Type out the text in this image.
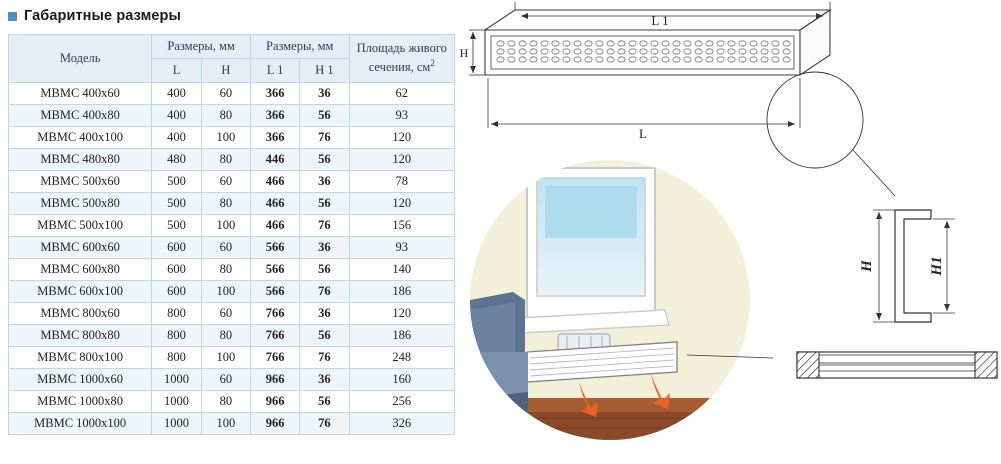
Габаритные размеры
Модель	Размеры, мм		Размеры, мм		Площадь живого сечения, $см^2$
	L	H	L 1	H 1	
МВМС 400х60	400	60	366	36	62
МВМС 400х80	400	80	366	56	93
МВМС 400х100	400	100	366	76	120
МВМС 480х80	480	80	446	56	120
МВМС 500х60	500	60	466	36	78
МВМС 500х80	500	80	466	56	120
МВМС 500х100	500	100	466	76	156
МВМС 600х60	600	60	566	36	93
МВМС 600х80	600	80	566	56	140
МВМС 600х100	600	100	566	76	186
МВМС 800х60	800	60	766	36	120
МВМС 800х80	800	80	766	56	186
МВМС 800х100	800	100	766	76	248
МВМС 1000х60	1000	60	966	36	160
МВМС 1000х80	1000	80	966	56	256
МВМС 1000х100	1000	100	966	76	326
L 1
L
H
H	H1
